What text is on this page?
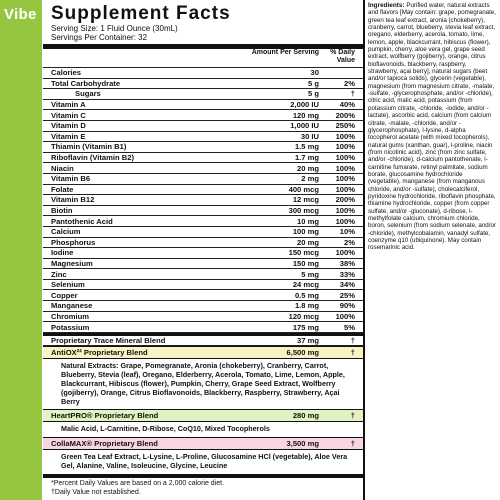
Vibe Supplement Facts
Serving Size: 1 Fluid Ounce (30mL)
Servings Per Container: 32
Amount Per Serving	% Daily Value
Calories	30
Total Carbohydrate	5 g	2%
Sugars	5 g	†
Vitamin A	2,000 IU	40%
Vitamin C	120 mg	200%
Vitamin D	1,000 IU	250%
Vitamin E	30 IU	100%
Thiamin (Vitamin B1)	1.5 mg	100%
Riboflavin (Vitamin B2)	1.7 mg	100%
Niacin	20 mg	100%
Vitamin B6	2 mg	100%
Folate	400 mcg	100%
Vitamin B12	12 mcg	200%
Biotin	300 mcg	100%
Pantothenic Acid	10 mg	100%
Calcium	100 mg	10%
Phosphorus	20 mg	2%
Iodine	150 mcg	100%
Magnesium	150 mg	38%
Zinc	5 mg	33%
Selenium	24 mcg	34%
Copper	0.5 mg	25%
Manganese	1.8 mg	90%
Chromium	120 mcg	100%
Potassium	175 mg	5%
Proprietary Trace Mineral Blend	37 mg	†
AntiOX²² Proprietary Blend	6,500 mg	†
Natural Extracts: Grape, Pomegranate, Aronia (chokeberry), Cranberry, Carrot, Blueberry, Stevia (leaf), Oregano, Elderberry, Acerola, Tomato, Lime, Lemon, Apple, Blackcurrant, Hibiscus (flower), Pumpkin, Cherry, Grape Seed Extract, Wolfberry (gojiberry), Orange, Citrus Bioflavonoids, Blackberry, Raspberry, Strawberry, Açai Berry
HeartPRO® Proprietary Blend	280 mg	†
Malic Acid, L-Carnitine, D-Ribose, CoQ10, Mixed Tocopherols
CollaMAX® Proprietary Blend	3,500 mg	†
Green Tea Leaf Extract, L-Lysine, L-Proline, Glucosamine HCl (vegetable), Aloe Vera Gel, Alanine, Valine, Isoleucine, Glycine, Leucine
*Percent Daily Values are based on a 2,000 calorie diet.
†Daily Value not established.
Ingredients: Purified water, natural extracts and flavors [May contain: grape, pomegranate, green tea leaf extract, aronia (chokeberry), cranberry, carrot, blueberry, stevia leaf extract, oregano, elderberry, acerola, tomato, lime, lemon, apple, blackcurrant, hibiscus (flower), pumpkin, cherry, aloe vera gel, grape seed extract, wolfberry (gojiberry), orange, citrus bioflavonoids, blackberry, raspberry, strawberry, açai berry], natural sugars (beet and/or tapioca solids), glycerin (vegetable), magnesium (from magnesium citrate, -malate, -sulfate, -glycerophosphate, and/or -chloride), citric acid, malic acid, potassium (from potassium citrate, -chloride, -iodide, and/or -lactate), ascorbic acid, calcium (from calcium citrate, -malate, -chloride, and/or -glycerophosphate), l-lysine, d-alpha tocopherol acetate (with mixed tocopherols), natural gums (xanthan, guar), l-proline, niacin (from nicotinic acid), zinc (from zinc sulfate, and/or -chloride), d-calcium pantothenate, l-carnitine fumarate, retinyl palmitate, sodium borate, glucosamine hydrochloride (vegetable), manganese (from manganous chloride, and/or -sulfate), cholecalciferol, pyridoxine hydrochloride, riboflavin phosphate, thiamine hydrochloride, copper (from copper sulfate, and/or -gluconate), d-ribose, l-methylfolate calcium, chromium chloride, boron, selenium (from sodium selenate, and/or -chloride), methylcobalamin, vanadyl sulfate, coenzyme q10 (ubiquinone). May contain rosemarinic acid.
